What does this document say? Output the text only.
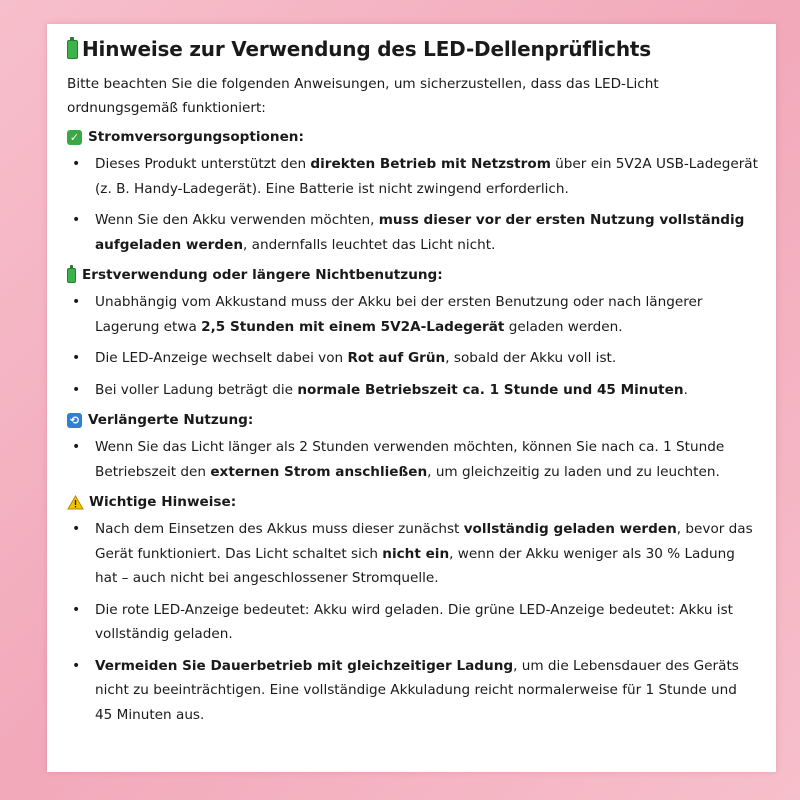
Hinweise zur Verwendung des LED-Dellenprüflichts

Bitte beachten Sie die folgenden Anweisungen, um sicherzustellen, dass das LED-Licht ordnungsgemäß funktioniert:

✓ Stromversorgungsoptionen:
• Dieses Produkt unterstützt den direkten Betrieb mit Netzstrom über ein 5V2A USB-Ladegerät (z. B. Handy-Ladegerät). Eine Batterie ist nicht zwingend erforderlich.
• Wenn Sie den Akku verwenden möchten, muss dieser vor der ersten Nutzung vollständig aufgeladen werden, andernfalls leuchtet das Licht nicht.
Erstverwendung oder längere Nichtbenutzung:
• Unabhängig vom Akkustand muss der Akku bei der ersten Benutzung oder nach längerer Lagerung etwa 2,5 Stunden mit einem 5V2A-Ladegerät geladen werden.
• Die LED-Anzeige wechselt dabei von Rot auf Grün, sobald der Akku voll ist.
• Bei voller Ladung beträgt die normale Betriebszeit ca. 1 Stunde und 45 Minuten.
⟲ Verlängerte Nutzung:
• Wenn Sie das Licht länger als 2 Stunden verwenden möchten, können Sie nach ca. 1 Stunde Betriebszeit den externen Strom anschließen, um gleichzeitig zu laden und zu leuchten.
Wichtige Hinweise:
• Nach dem Einsetzen des Akkus muss dieser zunächst vollständig geladen werden, bevor das Gerät funktioniert. Das Licht schaltet sich nicht ein, wenn der Akku weniger als 30 % Ladung hat – auch nicht bei angeschlossener Stromquelle.
• Die rote LED-Anzeige bedeutet: Akku wird geladen. Die grüne LED-Anzeige bedeutet: Akku ist vollständig geladen.
• Vermeiden Sie Dauerbetrieb mit gleichzeitiger Ladung, um die Lebensdauer des Geräts nicht zu beeinträchtigen. Eine vollständige Akkuladung reicht normalerweise für 1 Stunde und 45 Minuten aus.
